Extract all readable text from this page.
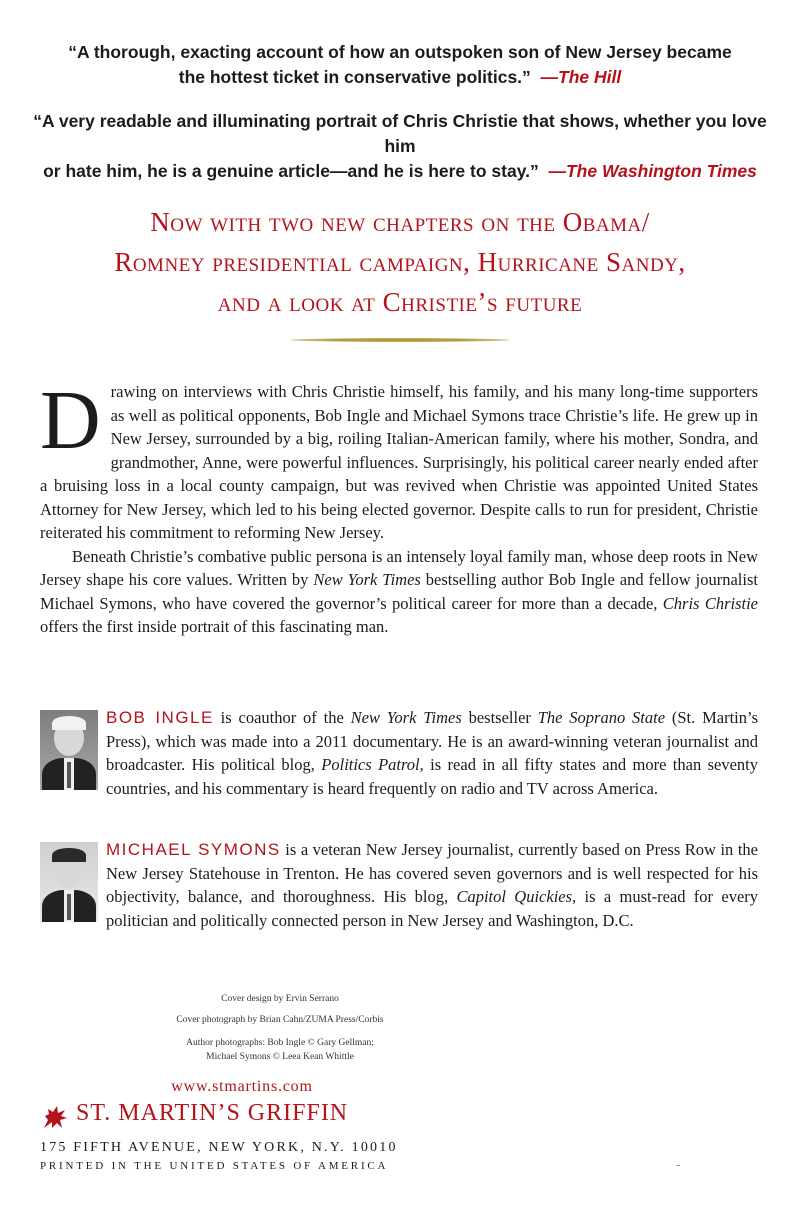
“A thorough, exacting account of how an outspoken son of New Jersey became
the hottest ticket in conservative politics.” —The Hill

“A very readable and illuminating portrait of Chris Christie that shows, whether you love him
or hate him, he is a genuine article—and he is here to stay.” —The Washington Times

Now with two new chapters on the Obama/
Romney presidential campaign, Hurricane Sandy,
and a look at Christie’s future

Drawing on interviews with Chris Christie himself, his family, and his many long-time supporters as well as political opponents, Bob Ingle and Michael Symons trace Christie’s life. He grew up in New Jersey, surrounded by a big, roiling Italian-American family, where his mother, Sondra, and grandmother, Anne, were powerful influences. Surprisingly, his political career nearly ended after a bruising loss in a local county campaign, but was revived when Christie was appointed United States Attorney for New Jersey, which led to his being elected governor. Despite calls to run for president, Christie reiterated his commitment to reforming New Jersey.

Beneath Christie’s combative public persona is an intensely loyal family man, whose deep roots in New Jersey shape his core values. Written by New York Times bestselling author Bob Ingle and fellow journalist Michael Symons, who have covered the governor’s political career for more than a decade, Chris Christie offers the first inside portrait of this fascinating man.

BOB INGLE is coauthor of the New York Times bestseller The Soprano State (St. Martin’s Press), which was made into a 2011 documentary. He is an award-winning veteran journalist and broadcaster. His political blog, Politics Patrol, is read in all fifty states and more than seventy countries, and his commentary is heard frequently on radio and TV across America.
MICHAEL SYMONS is a veteran New Jersey journalist, currently based on Press Row in the New Jersey Statehouse in Trenton. He has covered seven governors and is well respected for his objectivity, balance, and thoroughness. His blog, Capitol Quickies, is a must-read for every politician and politically connected person in New Jersey and Washington, D.C.
Cover design by Ervin Serrano
Cover photograph by Brian Cahn/ZUMA Press/Corbis
Author photographs: Bob Ingle © Gary Gellman;
Michael Symons © Leea Kean Whittle
www.stmartins.com
ST. MARTIN’S GRIFFIN
175 FIFTH AVENUE, NEW YORK, N.Y. 10010
PRINTED IN THE UNITED STATES OF AMERICA
